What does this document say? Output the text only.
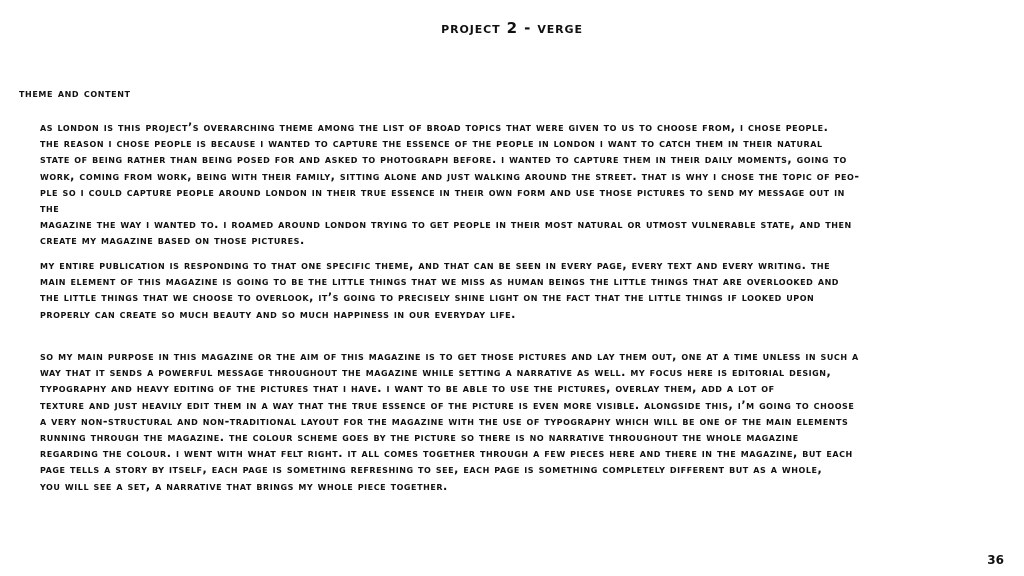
project 2 - verge
theme and content
as london is this project’s overarching theme among the list of broad topics that were given to us to choose from, i chose people.
the reason i chose people is because i wanted to capture the essence of the people in london i want to catch them in their natural
state of being rather than being posed for and asked to photograph before. i wanted to capture them in their daily moments, going to
work, coming from work, being with their family, sitting alone and just walking around the street. that is why i chose the topic of peo-
ple so i could capture people around london in their true essence in their own form and use those pictures to send my message out in
the
magazine the way i wanted to. i roamed around london trying to get people in their most natural or utmost vulnerable state, and then
create my magazine based on those pictures.
my entire publication is responding to that one specific theme, and that can be seen in every page, every text and every writing. the
main element of this magazine is going to be the little things that we miss as human beings the little things that are overlooked and
the little things that we choose to overlook, it’s going to precisely shine light on the fact that the little things if looked upon
properly can create so much beauty and so much happiness in our everyday life.
so my main purpose in this magazine or the aim of this magazine is to get those pictures and lay them out, one at a time unless in such a
way that it sends a powerful message throughout the magazine while setting a narrative as well. my focus here is editorial design,
typography and heavy editing of the pictures that i have. i want to be able to use the pictures, overlay them, add a lot of
texture and just heavily edit them in a way that the true essence of the picture is even more visible. alongside this, i’m going to choose
a very non-structural and non-traditional layout for the magazine with the use of typography which will be one of the main elements
running through the magazine. the colour scheme goes by the picture so there is no narrative throughout the whole magazine
regarding the colour. i went with what felt right. it all comes together through a few pieces here and there in the magazine, but each
page tells a story by itself, each page is something refreshing to see, each page is something completely different but as a whole,
you will see a set, a narrative that brings my whole piece together.
36
